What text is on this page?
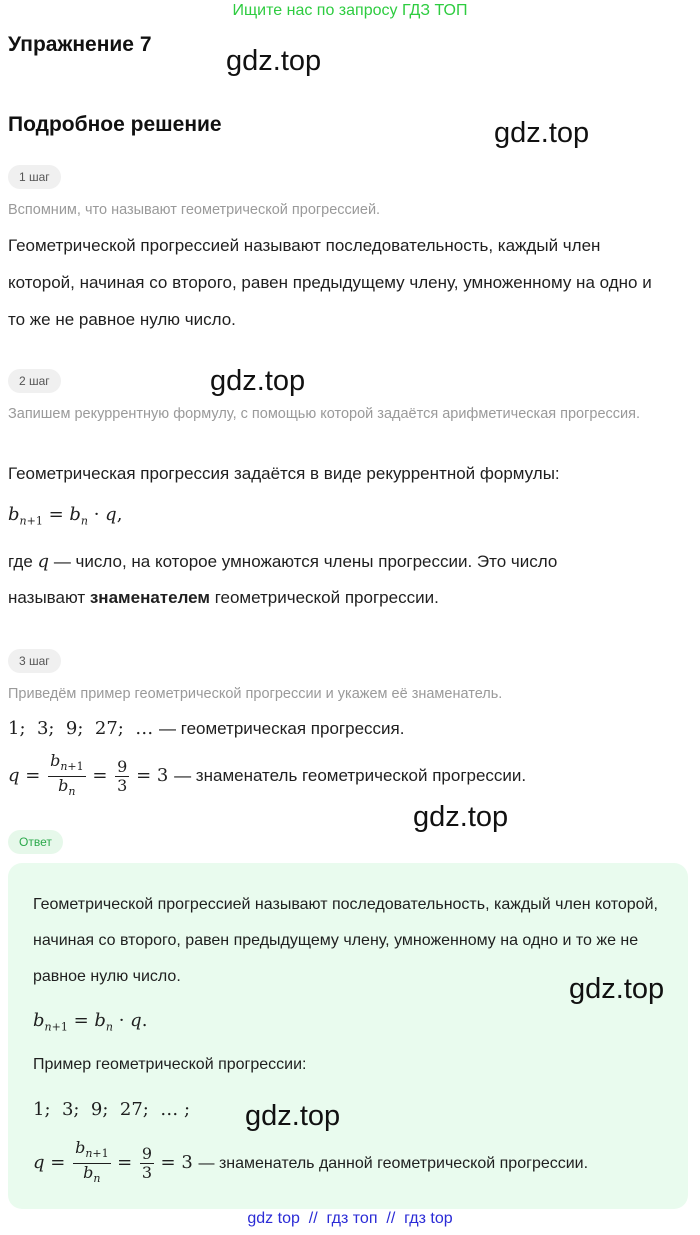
Ищите нас по запросу ГДЗ ТОП
Упражнение 7
gdz.top
Подробное решение	gdz.top
1 шаг
Вспомним, что называют геометрической прогрессией.
Геометрической прогрессией называют последовательность, каждый член которой, начиная со второго, равен предыдущему члену, умноженному на одно и то же не равное нулю число.
2 шаг	gdz.top
Запишем рекуррентную формулу, с помощью которой задаётся арифметическая прогрессия.
Геометрическая прогрессия задаётся в виде рекуррентной формулы:
$b_{n+1} = b_n \cdot q$,
где q — число, на которое умножаются члены прогрессии. Это число
называют знаменателем геометрической прогрессии.
3 шаг
Приведём пример геометрической прогрессии и укажем её знаменатель.
1;  3;  9;  27;  … — геометрическая прогрессия.
$q = \frac{b_{n+1}}{b_n} = \frac{9}{3} = 3$ — знаменатель геометрической прогрессии.
gdz.top
Ответ
Геометрической прогрессией называют последовательность, каждый член которой, начиная со второго, равен предыдущему члену, умноженному на одно и то же не равное нулю число.	gdz.top
$b_{n+1} = b_n \cdot q$.
Пример геометрической прогрессии:
1;  3;  9;  27;  … ; gdz.top
$q = \frac{b_{n+1}}{b_n} = \frac{9}{3} = 3$ — знаменатель данной геометрической прогрессии.
gdz top  //  гдз топ  //  гдз top
